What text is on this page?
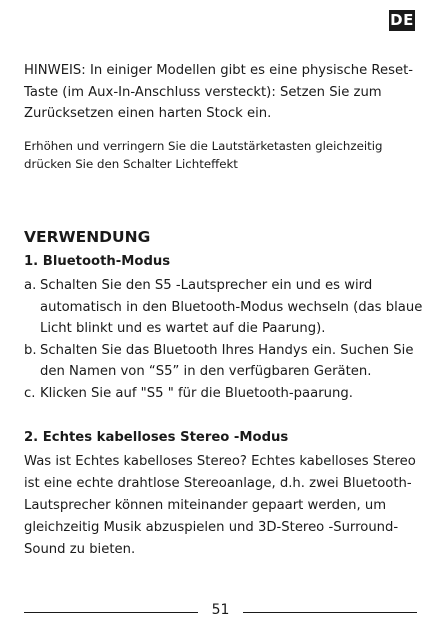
DE

HINWEIS: In einiger Modellen gibt es eine physische Reset-Taste (im Aux-In-Anschluss versteckt): Setzen Sie zum Zurücksetzen einen harten Stock ein.

Erhöhen und verringern Sie die Lautstärketasten gleichzeitig drücken Sie den Schalter Lichteffekt

VERWENDUNG
1. Bluetooth-Modus
a. Schalten Sie den S5 -Lautsprecher ein und es wird automatisch in den Bluetooth-Modus wechseln (das blaue Licht blinkt und es wartet auf die Paarung).
b. Schalten Sie das Bluetooth Ihres Handys ein. Suchen Sie den Namen von “S5” in den verfügbaren Geräten.
c. Klicken Sie auf "S5 " für die Bluetooth-paarung.
2. Echtes kabelloses Stereo -Modus

Was ist Echtes kabelloses Stereo? Echtes kabelloses Stereo ist eine echte drahtlose Stereoanlage, d.h. zwei Bluetooth-Lautsprecher können miteinander gepaart werden, um gleichzeitig Musik abzuspielen und 3D-Stereo -Surround-Sound zu bieten.

51
